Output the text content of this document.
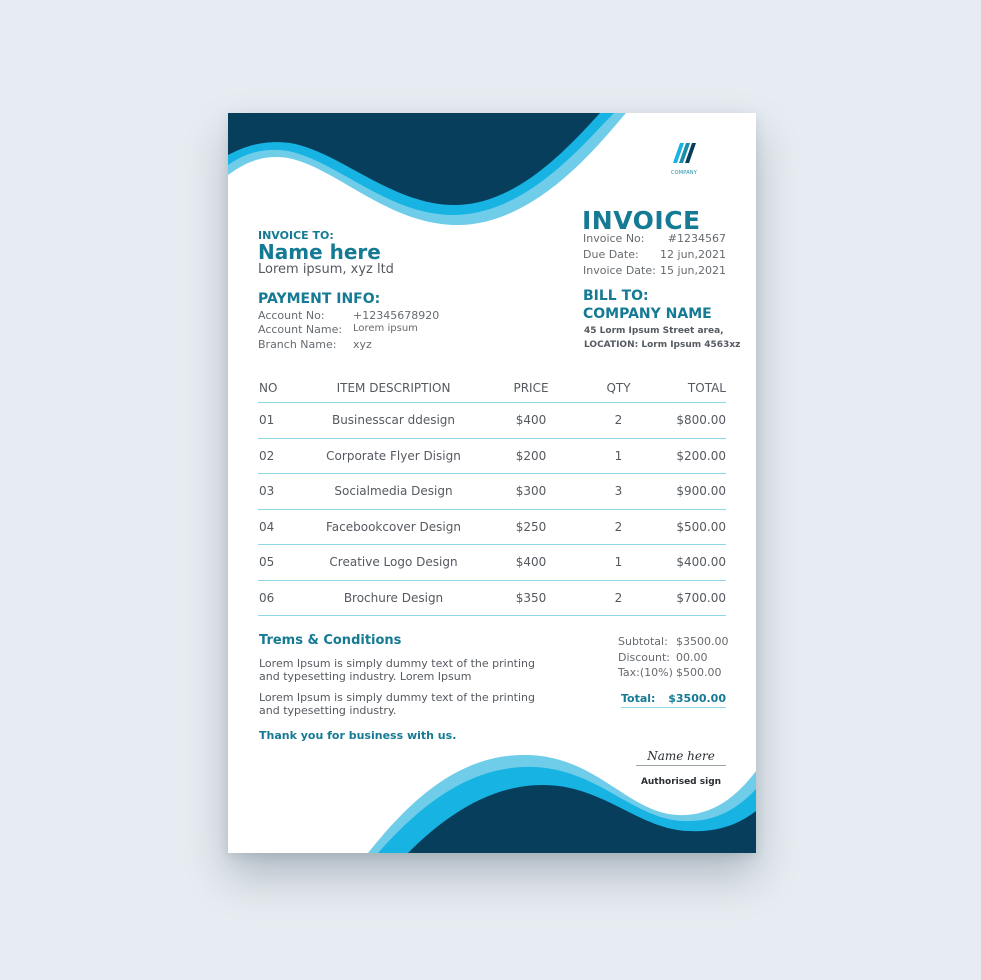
COMPANY
INVOICE
Invoice No: #1234567
Due Date: 12 jun,2021
Invoice Date: 15 jun,2021
INVOICE TO:
Name here
Lorem ipsum, xyz ltd
PAYMENT INFO:
Account No:	+12345678920
Account Name:	Lorem ipsum
Branch Name:	xyz
BILL TO:
COMPANY NAME
45 Lorm Ipsum Street area,
LOCATION: Lorm Ipsum 4563xz
NO	ITEM DESCRIPTION	PRICE	QTY	TOTAL
01	Businesscar ddesign	$400	2	$800.00
02	Corporate Flyer Disign	$200	1	$200.00
03	Socialmedia Design	$300	3	$900.00
04	Facebookcover Design	$250	2	$500.00
05	Creative Logo Design	$400	1	$400.00
06	Brochure Design	$350	2	$700.00
Trems & Conditions
Lorem Ipsum is simply dummy text of the printing and typesetting industry. Lorem Ipsum
Lorem Ipsum is simply dummy text of the printing and typesetting industry.
Thank you for business with us.
Subtotal: $3500.00
Discount: 00.00
Tax:(10%) $500.00
Total: $3500.00
Name here
Authorised sign
